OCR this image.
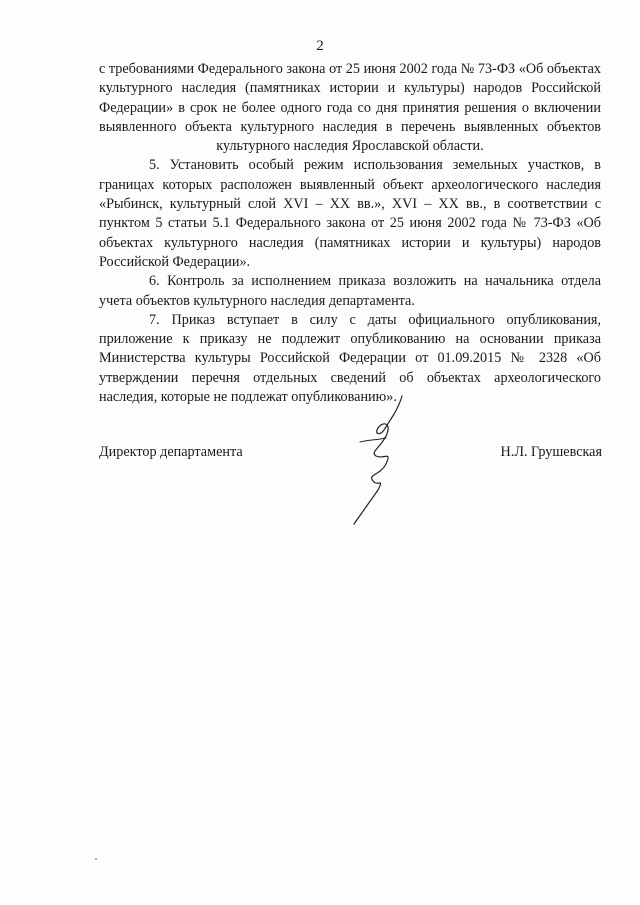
2

с требованиями Федерального закона от 25 июня 2002 года № 73-ФЗ «Об объектах культурного наследия (памятниках истории и культуры) народов Российской Федерации» в срок не более одного года со дня принятия решения о включении выявленного объекта культурного наследия в перечень выявленных объектов культурного наследия Ярославской области.

5. Установить особый режим использования земельных участков, в границах которых расположен выявленный объект археологического наследия «Рыбинск, культурный слой XVI – XX вв.», XVI – XX вв., в соответствии с пунктом 5 статьи 5.1 Федерального закона от 25 июня 2002 года № 73-ФЗ «Об объектах культурного наследия (памятниках истории и культуры) народов Российской Федерации».

6. Контроль за исполнением приказа возложить на начальника отдела учета объектов культурного наследия департамента.

7. Приказ вступает в силу с даты официального опубликования, приложение к приказу не подлежит опубликованию на основании приказа Министерства культуры Российской Федерации от 01.09.2015 № 2328 «Об утверждении перечня отдельных сведений об объектах археологического наследия, которые не подлежат опубликованию».

Директор департамента	Н.Л. Грушевская
